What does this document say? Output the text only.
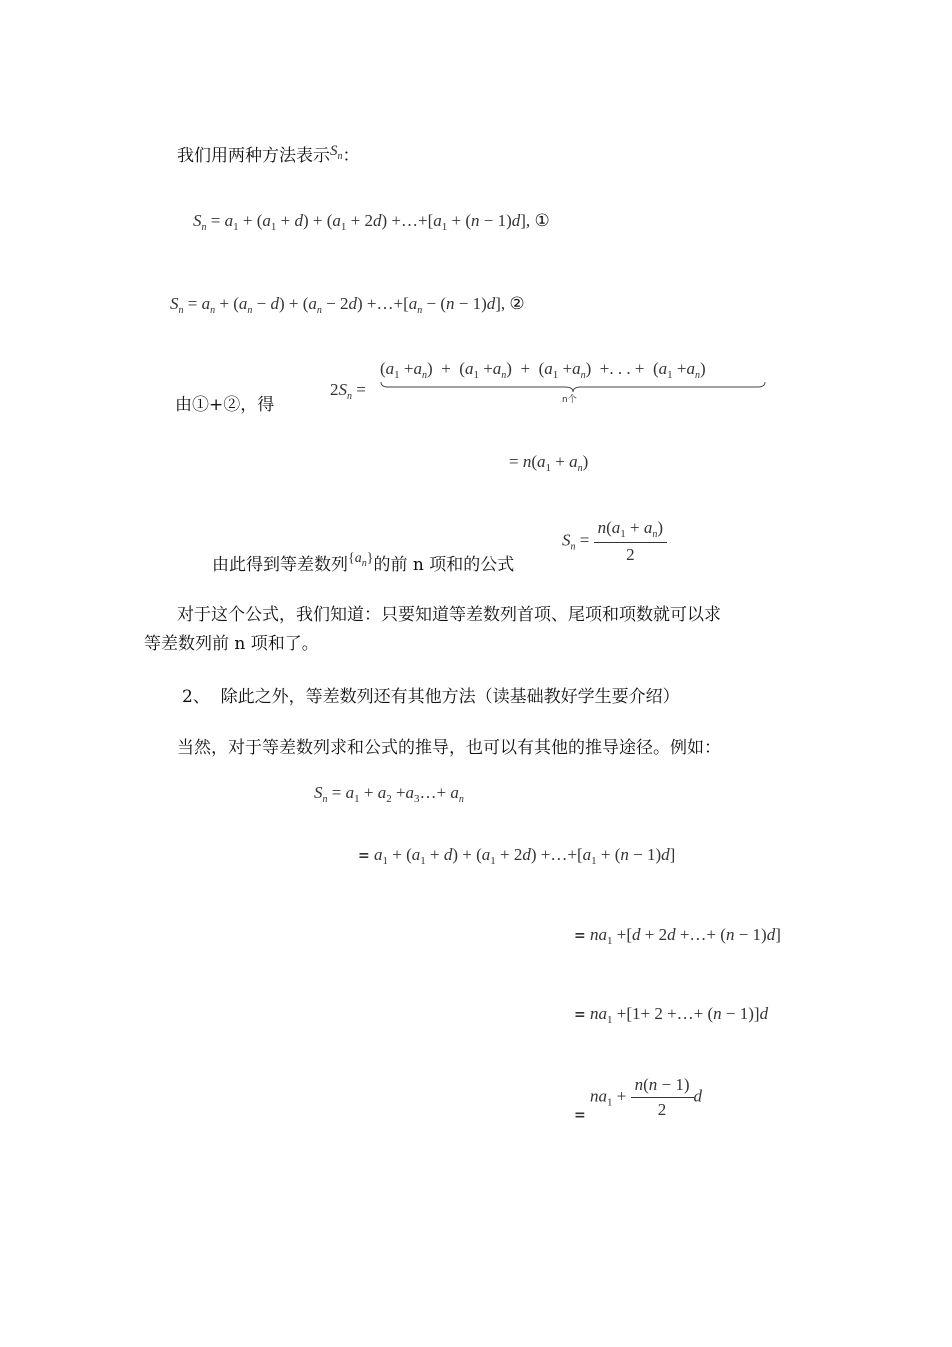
我们用两种方法表示$S_n$：
$S_n = a_1 + (a_1 + d) + (a_1 + 2d)$ $+\dots+[a_1 + (n - 1)d]$, ①
$S_n = a_n + (a_n - d) + (a_n - 2d)$ $+\dots+[a_n - (n - 1)d]$, ②
由①+②，得
$2S_n$ =
$(a_1 +a_n) + (a_1 +a_n) + (a_1 +a_n)$  +. . . +  $(a_1 +a_n)$
n个
= $n(a_1 + a_n)$
由此得到等差数列$^{\{a_n\}}$的前 n 项和的公式
$S_n = \frac{n(a_1 + a_n)}{2}$
对于这个公式，我们知道：只要知道等差数列首项、尾项和项数就可以求
等差数列前 n 项和了。
2、 除此之外，等差数列还有其他方法（读基础教好学生要介绍）
当然，对于等差数列求和公式的推导，也可以有其他的推导途径。例如：
$S_n = a_1 + a_2$ $+a_3\dots+ a_n$
= $a_1 + (a_1 + d) + (a_1 + 2d)$ $+\dots+[a_1 + (n - 1)d]$
= $na_1 +[d + 2d$ +…+ (n − 1)d]
= $na_1 +[1+ 2$ +…+ (n − 1)]d
$_=$ $na_1 + \frac{n(n - 1)}{2}$ d
